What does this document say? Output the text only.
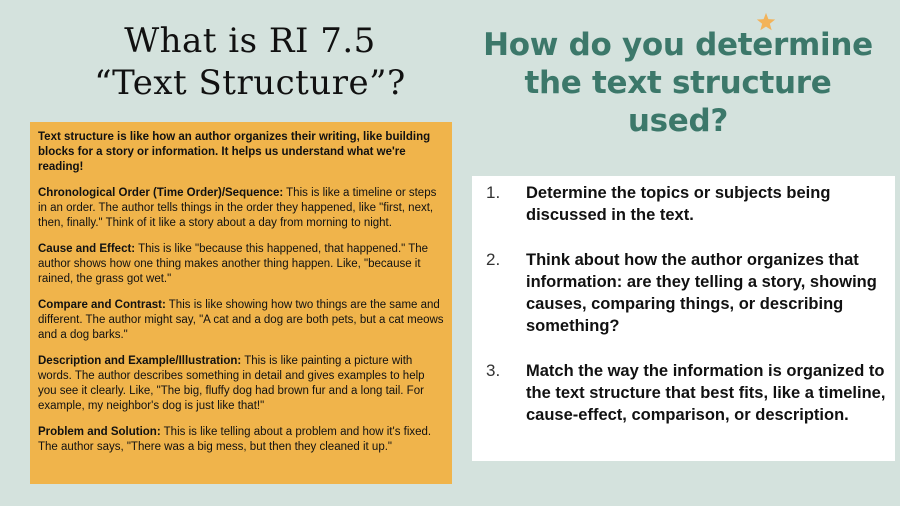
What is RI 7.5
“Text Structure”?

Text structure is like how an author organizes their writing, like building blocks for a story or information. It helps us understand what we're reading!

Chronological Order (Time Order)/Sequence: This is like a timeline or steps in an order. The author tells things in the order they happened, like "first, next, then, finally." Think of it like a story about a day from morning to night.

Cause and Effect: This is like "because this happened, that happened." The author shows how one thing makes another thing happen. Like, "because it rained, the grass got wet."

Compare and Contrast: This is like showing how two things are the same and different. The author might say, "A cat and a dog are both pets, but a cat meows and a dog barks."

Description and Example/Illustration: This is like painting a picture with words. The author describes something in detail and gives examples to help you see it clearly. Like, "The big, fluffy dog had brown fur and a long tail. For example, my neighbor's dog is just like that!"

Problem and Solution: This is like telling about a problem and how it's fixed. The author says, "There was a big mess, but then they cleaned it up."

How do you determine
the text structure
used?
1.	Determine the topics or subjects being discussed in the text.
2.	Think about how the author organizes that information: are they telling a story, showing causes, comparing things, or describing something?
3.	Match the way the information is organized to the text structure that best fits, like a timeline, cause-effect, comparison, or description.
